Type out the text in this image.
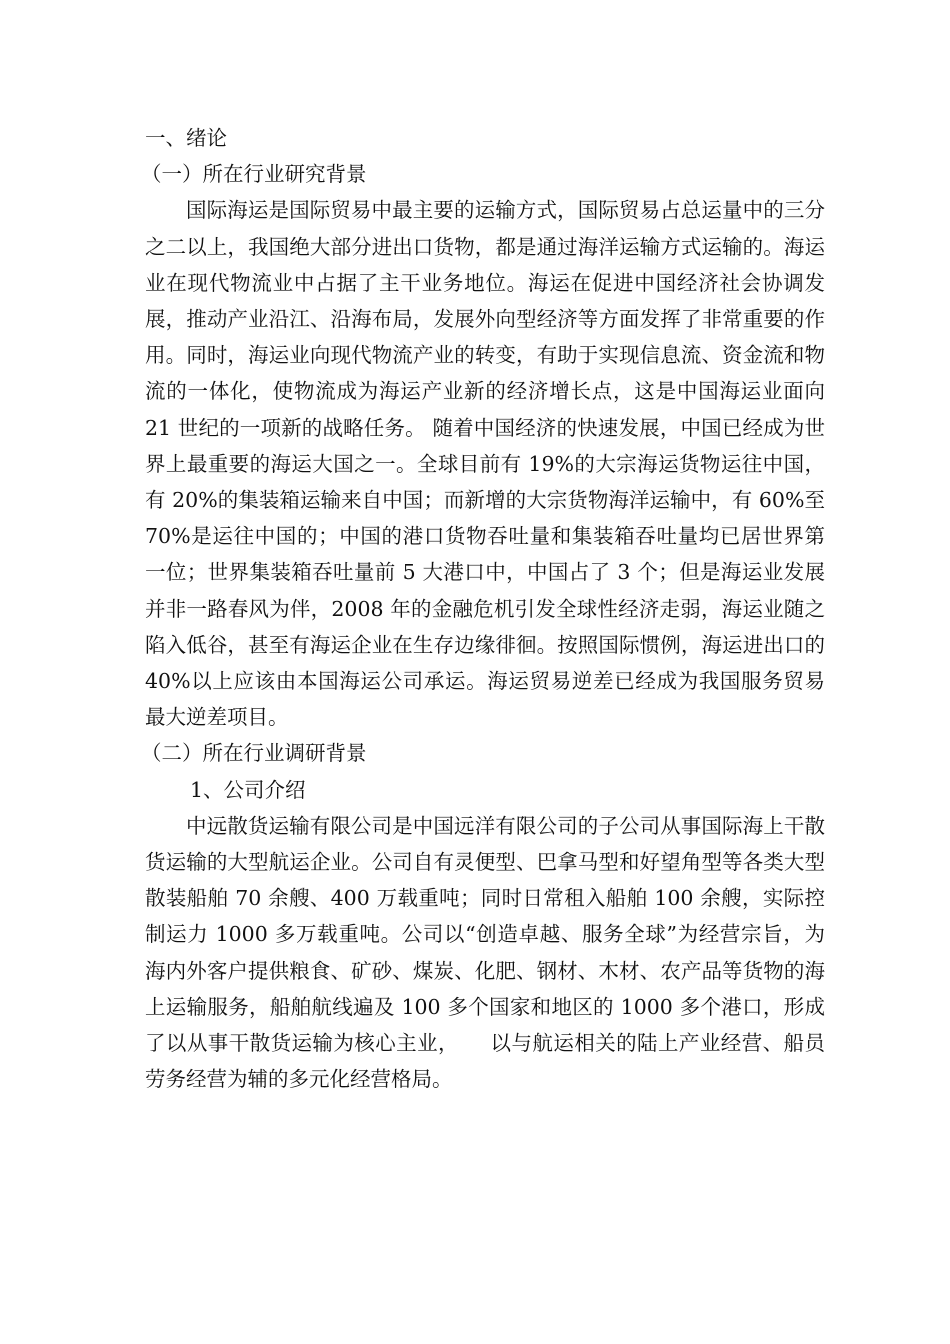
一、绪论

（一）所在行业研究背景

国际海运是国际贸易中最主要的运输方式，国际贸易占总运量中的三分之二以上，我国绝大部分进出口货物，都是通过海洋运输方式运输的。海运业在现代物流业中占据了主干业务地位。海运在促进中国经济社会协调发展，推动产业沿江、沿海布局，发展外向型经济等方面发挥了非常重要的作用。同时，海运业向现代物流产业的转变，有助于实现信息流、资金流和物流的一体化，使物流成为海运产业新的经济增长点，这是中国海运业面向 21 世纪的一项新的战略任务。 随着中国经济的快速发展，中国已经成为世界上最重要的海运大国之一。全球目前有 19%的大宗海运货物运往中国，有 20%的集装箱运输来自中国；而新增的大宗货物海洋运输中，有 60%至 70%是运往中国的；中国的港口货物吞吐量和集装箱吞吐量均已居世界第一位；世界集装箱吞吐量前 5 大港口中，中国占了 3 个；但是海运业发展并非一路春风为伴，2008 年的金融危机引发全球性经济走弱，海运业随之陷入低谷，甚至有海运企业在生存边缘徘徊。按照国际惯例，海运进出口的 40%以上应该由本国海运公司承运。海运贸易逆差已经成为我国服务贸易最大逆差项目。

（二）所在行业调研背景

1、公司介绍

中远散货运输有限公司是中国远洋有限公司的子公司从事国际海上干散货运输的大型航运企业。公司自有灵便型、巴拿马型和好望角型等各类大型散装船舶 70 余艘、400 万载重吨；同时日常租入船舶 100 余艘，实际控制运力 1000 多万载重吨。公司以“创造卓越、服务全球”为经营宗旨，为海内外客户提供粮食、矿砂、煤炭、化肥、钢材、木材、农产品等货物的海上运输服务，船舶航线遍及 100 多个国家和地区的 1000 多个港口，形成了以从事干散货运输为核心主业，　　以与航运相关的陆上产业经营、船员劳务经营为辅的多元化经营格局。
